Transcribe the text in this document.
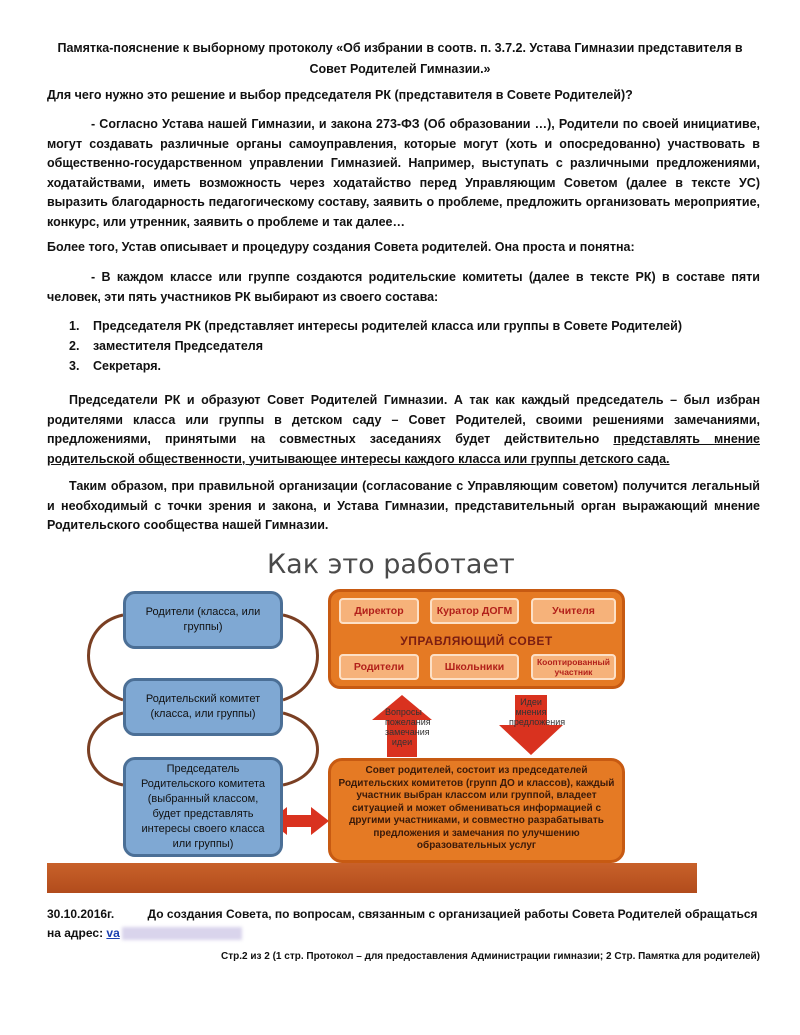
Памятка-пояснение к выборному протоколу «Об избрании в соотв. п. 3.7.2. Устава Гимназии представителя в Совет Родителей Гимназии.»
Для чего нужно это решение и выбор председателя РК (представителя в Совете Родителей)?
- Согласно Устава нашей Гимназии, и закона 273-ФЗ (Об образовании …), Родители по своей инициативе, могут создавать различные органы самоуправления, которые могут (хоть и опосредованно) участвовать в общественно-государственном управлении Гимназией. Например, выступать с различными предложениями, ходатайствами, иметь возможность через ходатайство перед Управляющим Советом (далее в тексте УС) выразить благодарность педагогическому составу, заявить о проблеме, предложить организовать мероприятие, конкурс, или утренник, заявить о проблеме и так далее…
Более того, Устав описывает и процедуру создания Совета родителей. Она проста и понятна:
- В каждом классе или группе создаются родительские комитеты (далее в тексте РК) в составе пяти человек, эти пять участников РК выбирают из своего состава:
1. Председателя РК (представляет интересы родителей класса или группы в Совете Родителей)
2. заместителя Председателя
3. Секретаря.
Председатели РК и образуют Совет Родителей Гимназии. А так как каждый председатель – был избран родителями класса или группы в детском саду – Совет Родителей, своими решениями замечаниями, предложениями, принятыми на совместных заседаниях будет действительно представлять мнение родительской общественности, учитывающее интересы каждого класса или группы детского сада.
Таким образом, при правильной организации (согласование с Управляющим советом) получится легальный и необходимый с точки зрения и закона, и Устава Гимназии, представительный орган выражающий мнение Родительского сообщества нашей Гимназии.
Как это работает
Родители (класса, или группы)
Родительский комитет (класса, или группы)
Председатель Родительского комитета (выбранный классом, будет представлять интересы своего класса или группы)
Директор	Куратор ДОГМ	Учителя
УПРАВЛЯЮЩИЙ СОВЕТ
Родители	Школьники	Кооптированный участник
Вопросы пожелания замечания идеи
Идеи мнения предложения
Совет родителей, состоит из председателей Родительских комитетов (групп ДО и классов), каждый участник выбран классом или группой, владеет ситуацией и может обмениваться информацией с другими участниками, и совместно разрабатывать предложения и замечания по улучшению образовательных услуг
30.10.2016г.	До создания Совета, по вопросам, связанным с организацией работы Совета Родителей обращаться на адрес: va
Стр.2 из 2 (1 стр. Протокол – для предоставления Администрации гимназии; 2 Стр. Памятка для родителей)
